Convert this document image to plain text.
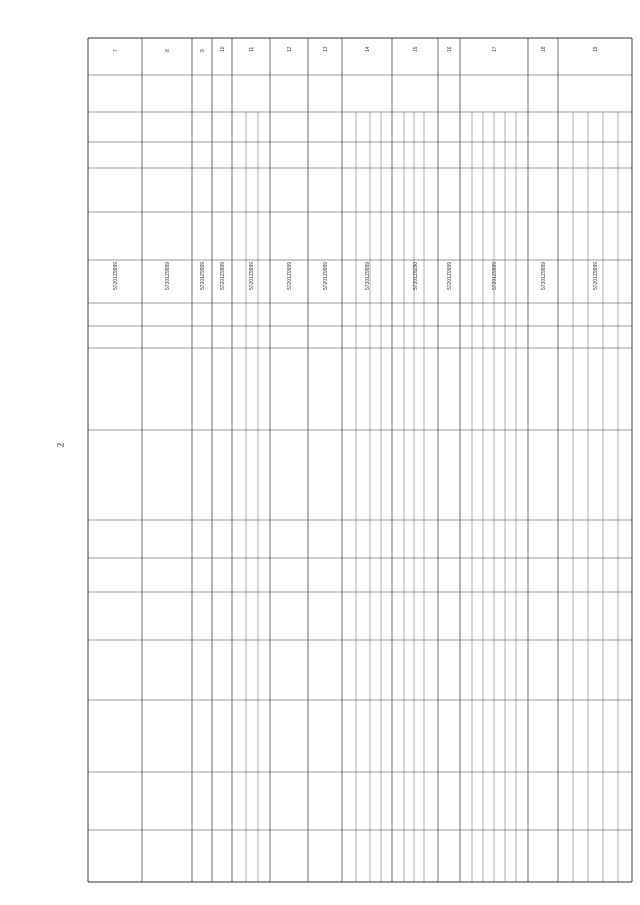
2
7
57201Z9999
8
57201Z9999
9
57201Z9999
10
57201Z9999
11
57201Z9999
12
57201Z9999
13
57201Z9999
14
57201Z9999
15
57201Z5290
16
57201Z9999
17
57201Z9999
18
57201Z9999
19
57201Z9999
